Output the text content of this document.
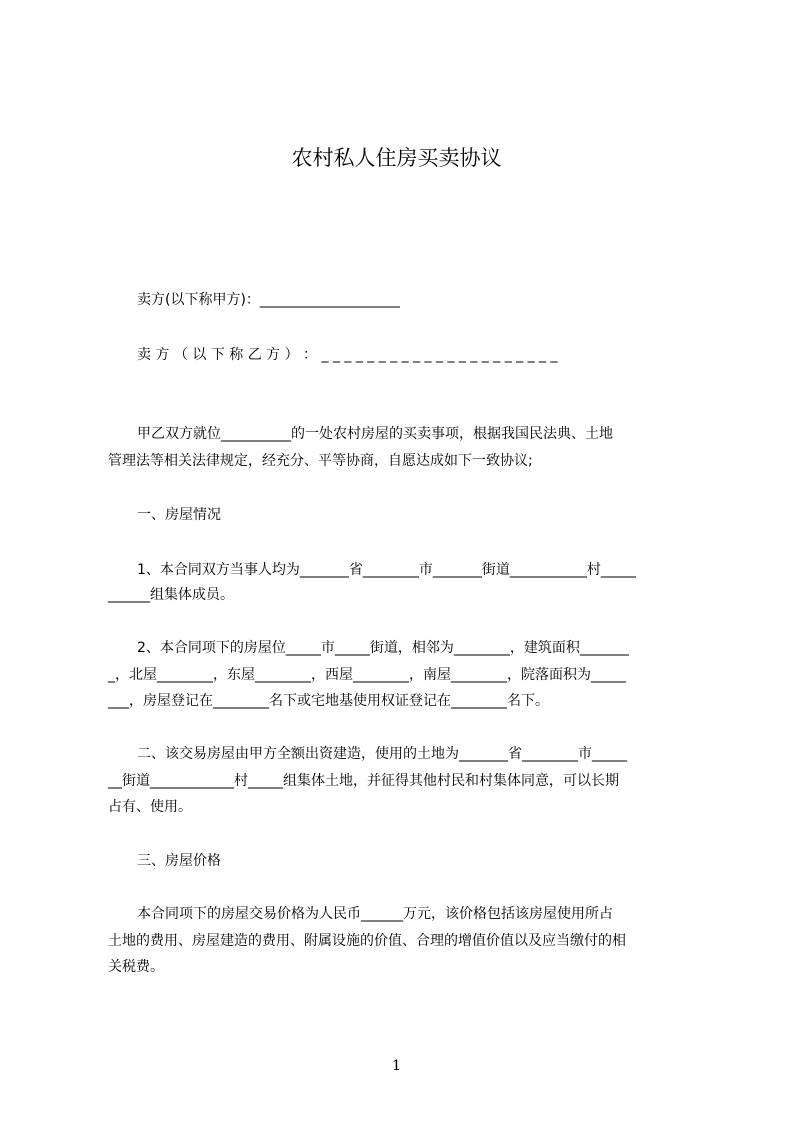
农村私人住房买卖协议
卖方(以下称甲方)：____________________
卖 方 （ 以 下 称 乙 方 ） ： _ _ _ _ _ _ _ _ _ _ _ _ _ _ _ _ _ _ _ _ _
甲乙双方就位__________的一处农村房屋的买卖事项，根据我国民法典、土地
管理法等相关法律规定，经充分、平等协商，自愿达成如下一致协议;
一、房屋情况
1、本合同双方当事人均为_______省________市_______街道___________村_____
______组集体成员。
2、本合同项下的房屋位_____市_____街道，相邻为________，建筑面积_______
_，北屋________，东屋________，西屋________，南屋________，院落面积为_____
___，房屋登记在________名下或宅地基使用权证登记在________名下。
二、该交易房屋由甲方全额出资建造，使用的土地为_______省________市_____
__街道____________村_____组集体土地，并征得其他村民和村集体同意，可以长期
占有、使用。
三、房屋价格
本合同项下的房屋交易价格为人民币______万元，该价格包括该房屋使用所占
土地的费用、房屋建造的费用、附属设施的价值、合理的增值价值以及应当缴付的相
关税费。
1
